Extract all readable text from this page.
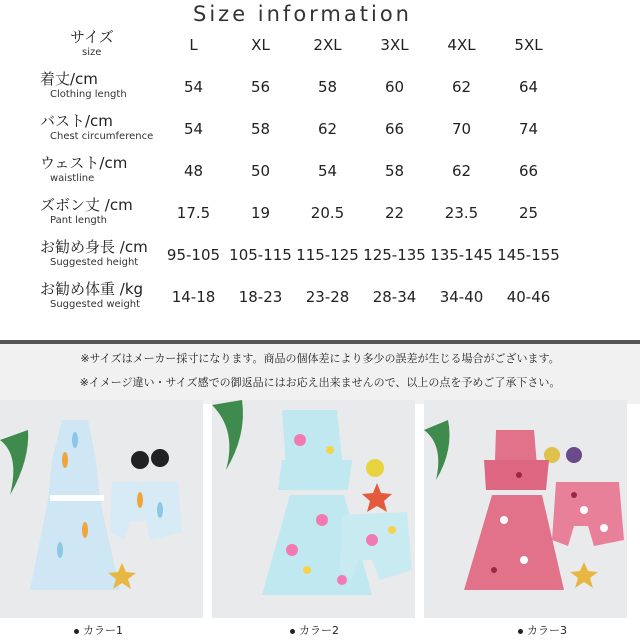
Size information
サイズ
size	L	XL	2XL	3XL	4XL	5XL

着丈/cm
Clothing length	54	56	58	60	62	64

バスト/cm
Chest circumference	54	58	62	66	70	74

ウェスト/cm
waistline	48	50	54	58	62	66

ズボン丈 /cm
Pant length	17.5	19	20.5	22	23.5	25

お勧め身長 /cm
Suggested height	95-105	105-115	115-125	125-135	135-145	145-155

お勧め体重 /kg
Suggested weight	14-18	18-23	23-28	28-34	34-40	40-46
※サイズはメーカー採寸になります。商品の個体差により多少の誤差が生じる場合がございます。
※イメージ違い・サイズ感での御返品にはお応え出来ませんので、以上の点を予めご了承下さい。
カラー1	カラー2	カラー3
